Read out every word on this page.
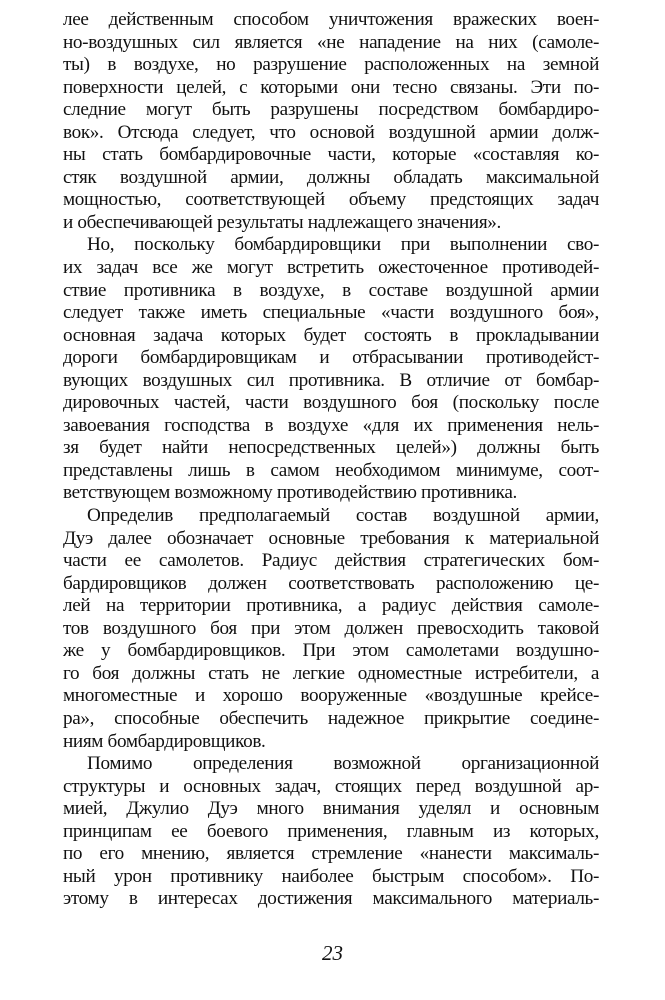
лее действенным способом уничтожения вражеских воен-
но-воздушных сил является «не нападение на них (самоле-
ты) в воздухе, но разрушение расположенных на земной
поверхности целей, с которыми они тесно связаны. Эти по-
следние могут быть разрушены посредством бомбардиро-
вок». Отсюда следует, что основой воздушной армии долж-
ны стать бомбардировочные части, которые «составляя ко-
стяк воздушной армии, должны обладать максимальной
мощностью, соответствующей объему предстоящих задач
и обеспечивающей результаты надлежащего значения».

Но, поскольку бомбардировщики при выполнении сво-
их задач все же могут встретить ожесточенное противодей-
ствие противника в воздухе, в составе воздушной армии
следует также иметь специальные «части воздушного боя»,
основная задача которых будет состоять в прокладывании
дороги бомбардировщикам и отбрасывании противодейст-
вующих воздушных сил противника. В отличие от бомбар-
дировочных частей, части воздушного боя (поскольку после
завоевания господства в воздухе «для их применения нель-
зя будет найти непосредственных целей») должны быть
представлены лишь в самом необходимом минимуме, соот-
ветствующем возможному противодействию противника.

Определив предполагаемый состав воздушной армии,
Дуэ далее обозначает основные требования к материальной
части ее самолетов. Радиус действия стратегических бом-
бардировщиков должен соответствовать расположению це-
лей на территории противника, а радиус действия самоле-
тов воздушного боя при этом должен превосходить таковой
же у бомбардировщиков. При этом самолетами воздушно-
го боя должны стать не легкие одноместные истребители, а
многоместные и хорошо вооруженные «воздушные крейсе-
ра», способные обеспечить надежное прикрытие соедине-
ниям бомбардировщиков.

Помимо определения возможной организационной
структуры и основных задач, стоящих перед воздушной ар-
мией, Джулио Дуэ много внимания уделял и основным
принципам ее боевого применения, главным из которых,
по его мнению, является стремление «нанести максималь-
ный урон противнику наиболее быстрым способом». По-
этому в интересах достижения максимального материаль-

23
